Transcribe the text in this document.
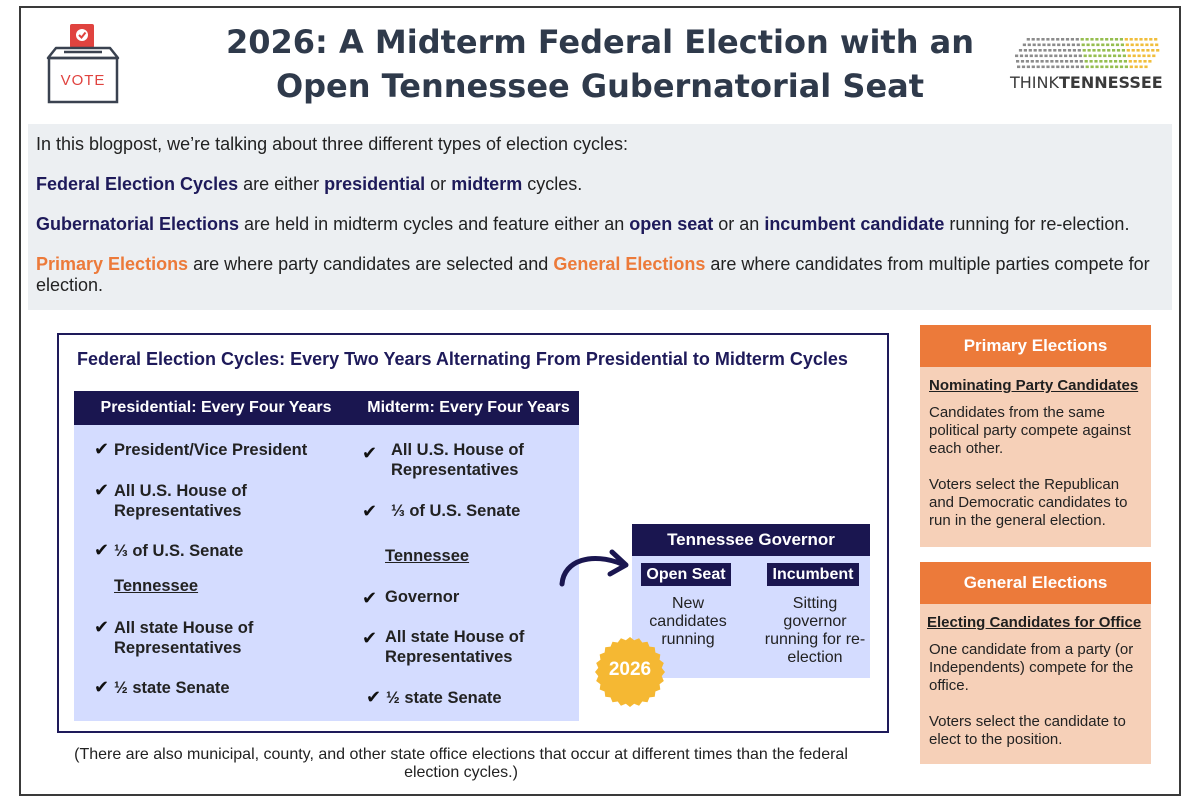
VOTE
2026: A Midterm Federal Election with an
Open Tennessee Gubernatorial Seat	THINKTENNESSEE

In this blogpost, we’re talking about three different types of election cycles:

Federal Election Cycles are either presidential or midterm cycles.

Gubernatorial Elections are held in midterm cycles and feature either an open seat or an incumbent candidate running for re-election.

Primary Elections are where party candidates are selected and General Elections are where candidates from multiple parties compete for election.

Federal Election Cycles: Every Two Years Alternating From Presidential to Midterm Cycles
Presidential: Every Four Years	Midterm: Every Four Years
✔ President/Vice President
✔ All U.S. House of Representatives
✔ ⅓ of U.S. Senate
Tennessee
✔ All state House of Representatives
✔ ½ state Senate
✔ All U.S. House of Representatives
✔ ⅓ of U.S. Senate
Tennessee
✔ Governor
✔ All state House of Representatives
✔ ½ state Senate
Tennessee Governor
Open Seat	Incumbent
New candidates running
Sitting governor running for re-election
2026
(There are also municipal, county, and other state office elections that occur at different times than the federal election cycles.)
Primary Elections
Nominating Party Candidates
Candidates from the same political party compete against each other.
Voters select the Republican and Democratic candidates to run in the general election.
General Elections
Electing Candidates for Office
One candidate from a party (or Independents) compete for the office.
Voters select the candidate to elect to the position.
